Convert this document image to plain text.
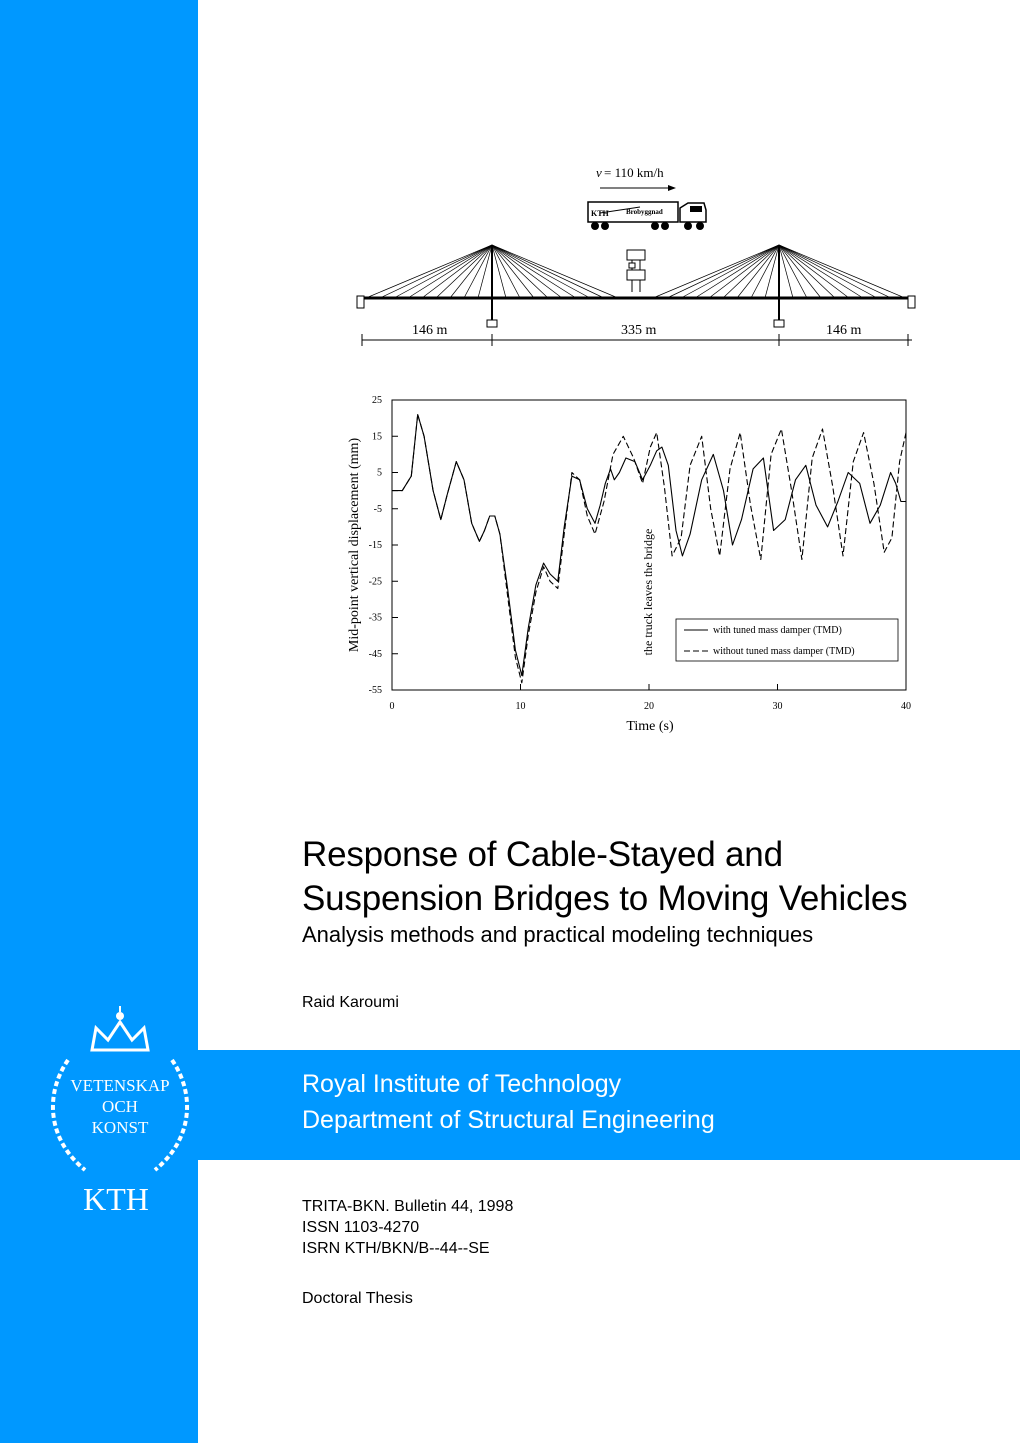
v = 110 km/h
KTH Brobyggnad
146 m	335 m	146 m
25
15
5
-5
-15
-25
-35
-45
-55
0	10	20	30	40
Time (s)
Mid-point vertical displacement (mm)	the truck leaves the bridge	with tuned mass damper (TMD)
without tuned mass damper (TMD)
Response of Cable-Stayed and
Suspension Bridges to Moving Vehicles
Analysis methods and practical modeling techniques
Raid Karoumi
Royal Institute of Technology
Department of Structural Engineering
TRITA-BKN. Bulletin 44, 1998
ISSN 1103-4270
ISRN KTH/BKN/B--44--SE
Doctoral Thesis
VETENSKAP
OCH
KONST
KTH
